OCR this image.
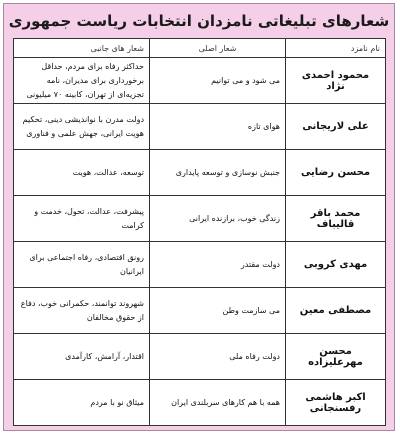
شعارهای تبلیغاتی نامزدان انتخابات ریاست جمهوری
نام نامزد	شعار اصلی	شعار های جانبی
محمود احمدی نژاد	می شود و می توانیم	حداکثر رفاه برای مردم، حداقل برخورداری برای مدیران، نامه تجزیه‌ای از تهران، کابینه ۷۰ میلیونی
علی لاریجانی	هوای تازه	دولت مدرن با نواندیشی دینی، تحکیم هویت ایرانی، جهش علمی و فناوری
محسن رضایی	جنبش نوسازی و توسعه پایداری	توسعه، عدالت، هویت
محمد باقر قالیباف	زندگی خوب، برازنده ایرانی	پیشرفت، عدالت، تحول، خدمت و کرامت
مهدی کروبی	دولت مقتدر	رونق اقتصادی، رفاه اجتماعی برای ایرانیان
مصطفی معین	می سازمت وطن	شهروند توانمند، حکمرانی خوب، دفاع از حقوق مخالفان
محسن مهرعلیزاده	دولت رفاه ملی	اقتدار، آرامش، کارآمدی
اکبر هاشمی رفسنجانی	همه با هم کارهای سربلندی ایران	میثاق نو با مردم
